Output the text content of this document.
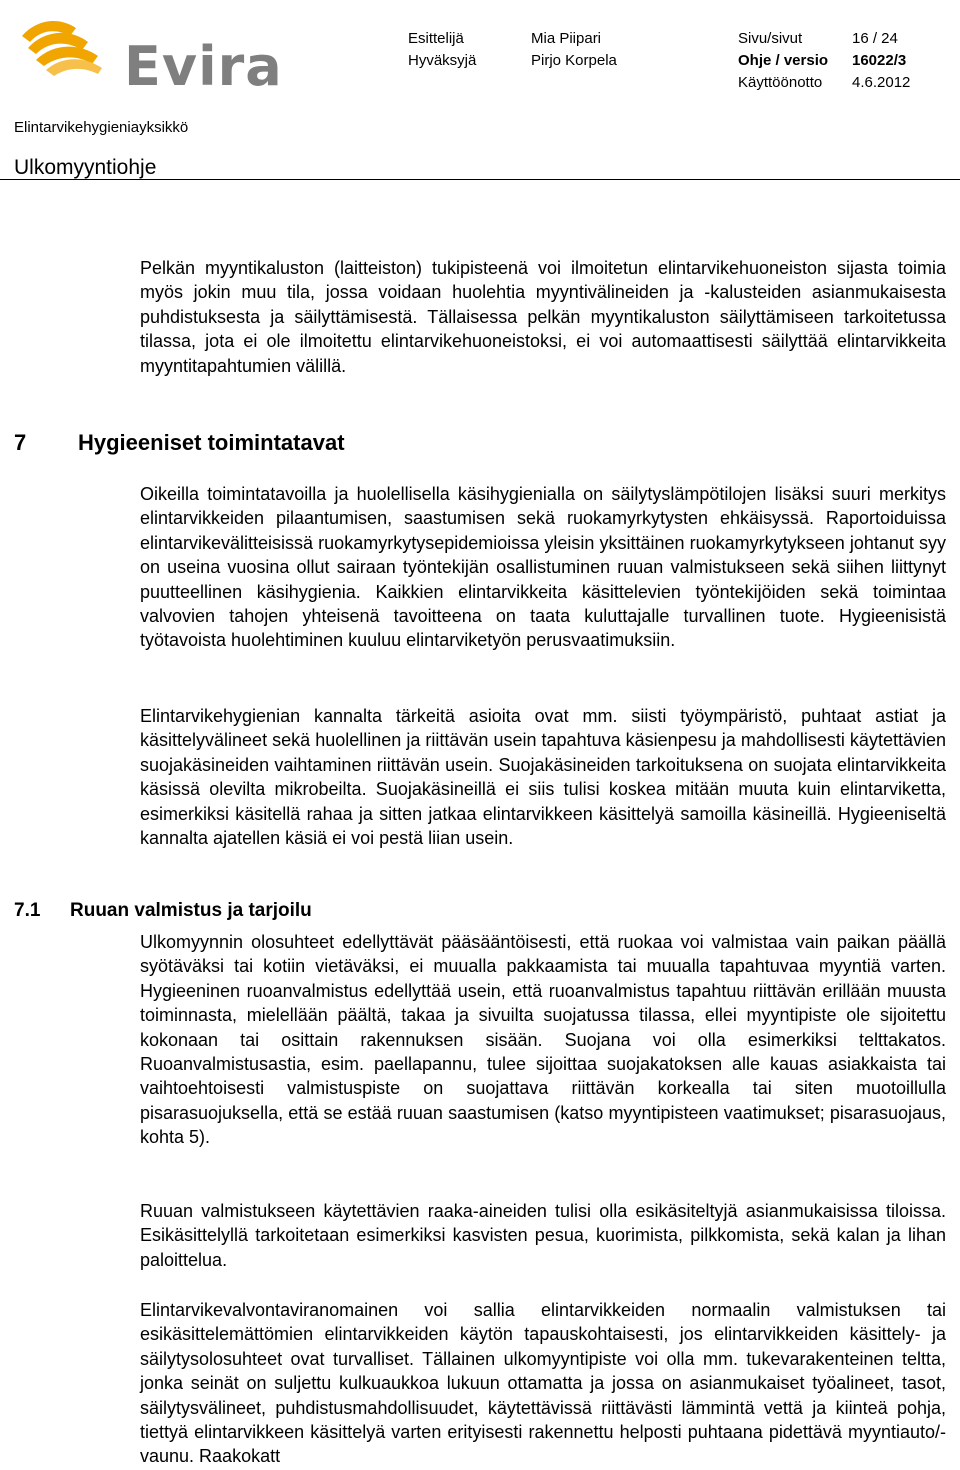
Evira	Esittelijä	Mia Piipari	Sivu/sivut	16 / 24
Hyväksyjä	Pirjo Korpela	Ohje / versio 16022/3
Käyttöönotto 4.6.2012
Elintarvikehygieniayksikkö
Ulkomyyntiohje
Pelkän myyntikaluston (laitteiston) tukipisteenä voi ilmoitetun elintarvikehuoneiston sijasta toimia myös jokin muu tila, jossa voidaan huolehtia myyntivälineiden ja -kalusteiden asianmukaisesta puhdistuksesta ja säilyttämisestä. Tällaisessa pelkän myyntikaluston säilyttämiseen tarkoitetussa tilassa, jota ei ole ilmoitettu elintarvikehuoneistoksi, ei voi automaattisesti säilyttää elintarvikkeita myyntitapahtumien välillä.
7 Hygieeniset toimintatavat
Oikeilla toimintatavoilla ja huolellisella käsihygienialla on säilytyslämpötilojen lisäksi suuri merkitys elintarvikkeiden pilaantumisen, saastumisen sekä ruokamyrkytysten ehkäisyssä. Raportoiduissa elintarvikevälitteisissä ruokamyrkytysepidemioissa yleisin yksittäinen ruokamyrkytykseen johtanut syy on useina vuosina ollut sairaan työntekijän osallistuminen ruuan valmistukseen sekä siihen liittynyt puutteellinen käsihygienia. Kaikkien elintarvikkeita käsittelevien työntekijöiden sekä toimintaa valvovien tahojen yhteisenä tavoitteena on taata kuluttajalle turvallinen tuote. Hygieenisistä työtavoista huolehtiminen kuuluu elintarviketyön perusvaatimuksiin.
Elintarvikehygienian kannalta tärkeitä asioita ovat mm. siisti työympäristö, puhtaat astiat ja käsittelyvälineet sekä huolellinen ja riittävän usein tapahtuva käsienpesu ja mahdollisesti käytettävien suojakäsineiden vaihtaminen riittävän usein. Suojakäsineiden tarkoituksena on suojata elintarvikkeita käsissä olevilta mikrobeilta. Suojakäsineillä ei siis tulisi koskea mitään muuta kuin elintarviketta, esimerkiksi käsitellä rahaa ja sitten jatkaa elintarvikkeen käsittelyä samoilla käsineillä. Hygieeniseltä kannalta ajatellen käsiä ei voi pestä liian usein.
7.1 Ruuan valmistus ja tarjoilu
Ulkomyynnin olosuhteet edellyttävät pääsääntöisesti, että ruokaa voi valmistaa vain paikan päällä syötäväksi tai kotiin vietäväksi, ei muualla pakkaamista tai muualla tapahtuvaa myyntiä varten. Hygieeninen ruoanvalmistus edellyttää usein, että ruoanvalmistus tapahtuu riittävän erillään muusta toiminnasta, mielellään päältä, takaa ja sivuilta suojatussa tilassa, ellei myyntipiste ole sijoitettu kokonaan tai osittain rakennuksen sisään. Suojana voi olla esimerkiksi telttakatos. Ruoanvalmistusastia, esim. paellapannu, tulee sijoittaa suojakatoksen alle kauas asiakkaista tai vaihtoehtoisesti valmistuspiste on suojattava riittävän korkealla tai siten muotoillulla pisarasuojuksella, että se estää ruuan saastumisen (katso myyntipisteen vaatimukset; pisarasuojaus, kohta 5).
Ruuan valmistukseen käytettävien raaka-aineiden tulisi olla esikäsiteltyjä asianmukaisissa tiloissa. Esikäsittelyllä tarkoitetaan esimerkiksi kasvisten pesua, kuorimista, pilkkomista, sekä kalan ja lihan paloittelua.
Elintarvikevalvontaviranomainen voi sallia elintarvikkeiden normaalin valmistuksen tai esikäsittelemättömien elintarvikkeiden käytön tapauskohtaisesti, jos elintarvikkeiden käsittely- ja säilytysolosuhteet ovat turvalliset. Tällainen ulkomyyntipiste voi olla mm. tukevarakenteinen teltta, jonka seinät on suljettu kulkuaukkoa lukuun ottamatta ja jossa on asianmukaiset työalineet, tasot, säilytysvälineet, puhdistusmahdollisuudet, käytettävissä riittävästi lämmintä vettä ja kiinteä pohja, tiettyä elintarvikkeen käsittelyä varten erityisesti rakennettu helposti puhtaana pidettävä myyntiauto/-vaunu. Raakokatt
